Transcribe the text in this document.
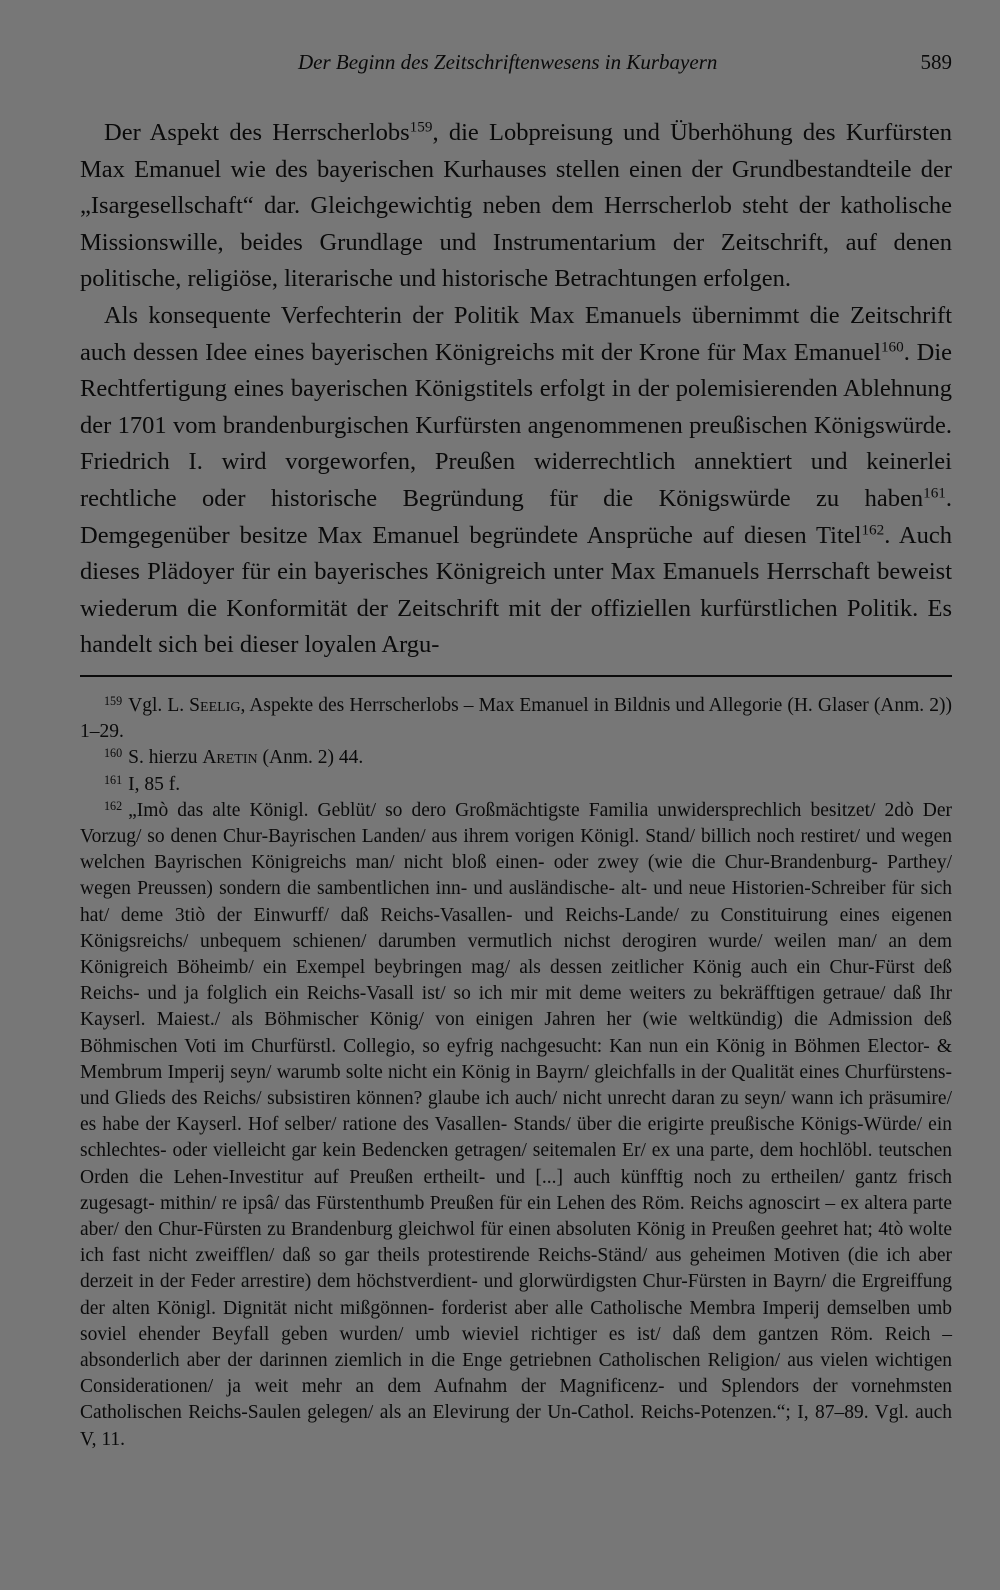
Der Beginn des Zeitschriftenwesens in Kurbayern	589

Der Aspekt des Herrscherlobs$^{159}$, die Lobpreisung und Überhöhung des Kurfürsten Max Emanuel wie des bayerischen Kurhauses stellen einen der Grundbestandteile der „Isargesellschaft“ dar. Gleichgewichtig neben dem Herrscherlob steht der katholische Missionswille, beides Grundlage und Instrumentarium der Zeitschrift, auf denen politische, religiöse, literarische und historische Betrachtungen erfolgen.

Als konsequente Verfechterin der Politik Max Emanuels übernimmt die Zeitschrift auch dessen Idee eines bayerischen Königreichs mit der Krone für Max Emanuel$^{160}$. Die Rechtfertigung eines bayerischen Königstitels erfolgt in der polemisierenden Ablehnung der 1701 vom brandenburgischen Kurfürsten angenommenen preußischen Königswürde. Friedrich I. wird vorgeworfen, Preußen widerrechtlich annektiert und keinerlei rechtliche oder historische Begründung für die Königswürde zu haben$^{161}$. Demgegenüber besitze Max Emanuel begründete Ansprüche auf diesen Titel$^{162}$. Auch dieses Plädoyer für ein bayerisches Königreich unter Max Emanuels Herrschaft beweist wiederum die Konformität der Zeitschrift mit der offiziellen kurfürstlichen Politik. Es handelt sich bei dieser loyalen Argu-

$^{159}$ Vgl. L. Seelig, Aspekte des Herrscherlobs – Max Emanuel in Bildnis und Allegorie (H. Glaser (Anm. 2)) 1–29.

$^{160}$ S. hierzu Aretin (Anm. 2) 44.

$^{161}$ I, 85 f.

$^{162}$ „Imò das alte Königl. Geblüt/ so dero Großmächtigste Familia unwidersprechlich besitzet/ 2dò Der Vorzug/ so denen Chur-Bayrischen Landen/ aus ihrem vorigen Königl. Stand/ billich noch restiret/ und wegen welchen Bayrischen Königreichs man/ nicht bloß einen- oder zwey (wie die Chur-Brandenburg- Parthey/ wegen Preussen) sondern die sambentlichen inn- und ausländische- alt- und neue Historien-Schreiber für sich hat/ deme 3tiò der Einwurff/ daß Reichs-Vasallen- und Reichs-Lande/ zu Constituirung eines eigenen Königsreichs/ unbequem schienen/ darumben vermutlich nichst derogiren wurde/ weilen man/ an dem Königreich Böheimb/ ein Exempel beybringen mag/ als dessen zeitlicher König auch ein Chur-Fürst deß Reichs- und ja folglich ein Reichs-Vasall ist/ so ich mir mit deme weiters zu bekräfftigen getraue/ daß Ihr Kayserl. Maiest./ als Böhmischer König/ von einigen Jahren her (wie weltkündig) die Admission deß Böhmischen Voti im Churfürstl. Collegio, so eyfrig nachgesucht: Kan nun ein König in Böhmen Elector- & Membrum Imperij seyn/ warumb solte nicht ein König in Bayrn/ gleichfalls in der Qualität eines Churfürstens- und Glieds des Reichs/ subsistiren können? glaube ich auch/ nicht unrecht daran zu seyn/ wann ich präsumire/ es habe der Kayserl. Hof selber/ ratione des Vasallen- Stands/ über die erigirte preußische Königs-Würde/ ein schlechtes- oder vielleicht gar kein Bedencken getragen/ seitemalen Er/ ex una parte, dem hochlöbl. teutschen Orden die Lehen-Investitur auf Preußen ertheilt- und [...] auch künfftig noch zu ertheilen/ gantz frisch zugesagt- mithin/ re ipsâ/ das Fürstenthumb Preußen für ein Lehen des Röm. Reichs agnoscirt – ex altera parte aber/ den Chur-Fürsten zu Brandenburg gleichwol für einen absoluten König in Preußen geehret hat; 4tò wolte ich fast nicht zweifflen/ daß so gar theils protestirende Reichs-Ständ/ aus geheimen Motiven (die ich aber derzeit in der Feder arrestire) dem höchstverdient- und glorwürdigsten Chur-Fürsten in Bayrn/ die Ergreiffung der alten Königl. Dignität nicht mißgönnen- forderist aber alle Catholische Membra Imperij demselben umb soviel ehender Beyfall geben wurden/ umb wieviel richtiger es ist/ daß dem gantzen Röm. Reich – absonderlich aber der darinnen ziemlich in die Enge getriebnen Catholischen Religion/ aus vielen wichtigen Considerationen/ ja weit mehr an dem Aufnahm der Magnificenz- und Splendors der vornehmsten Catholischen Reichs-Saulen gelegen/ als an Elevirung der Un-Cathol. Reichs-Potenzen.“; I, 87–89. Vgl. auch V, 11.
